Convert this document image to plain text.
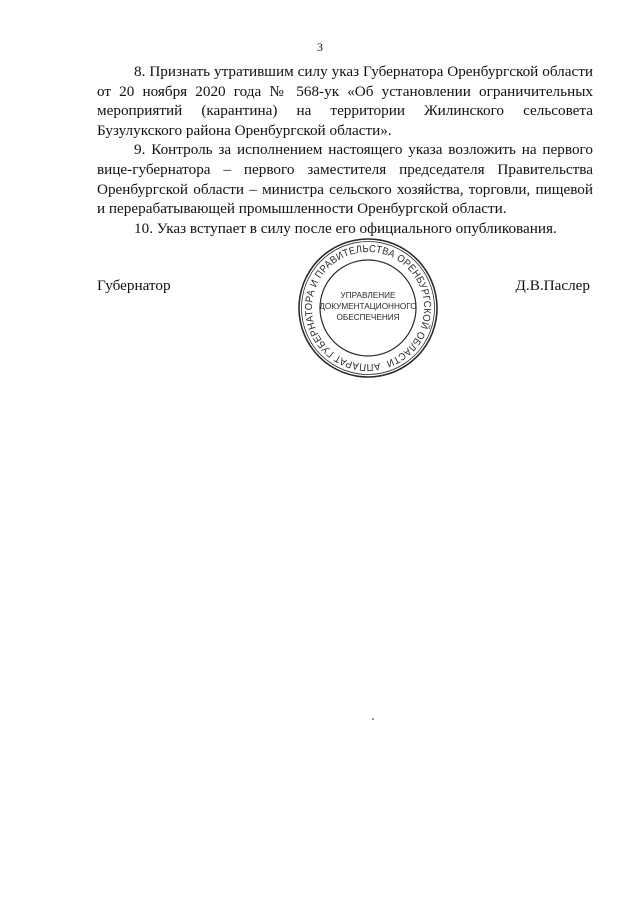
3

8. Признать утратившим силу указ Губернатора Оренбургской области от 20 ноября 2020 года № 568-ук «Об установлении ограничительных мероприятий (карантина) на территории Жилинского сельсовета Бузулукского района Оренбургской области».

9. Контроль за исполнением настоящего указа возложить на первого вице-губернатора – первого заместителя председателя Правительства Оренбургской области – министра сельского хозяйства, торговли, пищевой и перерабатывающей промышленности Оренбургской области.

10. Указ вступает в силу после его официального опубликования.

Губернатор	Д.В.Паслер
АППАРАТ ГУБЕРНАТОРА И ПРАВИТЕЛЬСТВА ОРЕНБУРГСКОЙ ОБЛАСТИ
УПРАВЛЕНИЕ
ДОКУМЕНТАЦИОННОГО
ОБЕСПЕЧЕНИЯ
